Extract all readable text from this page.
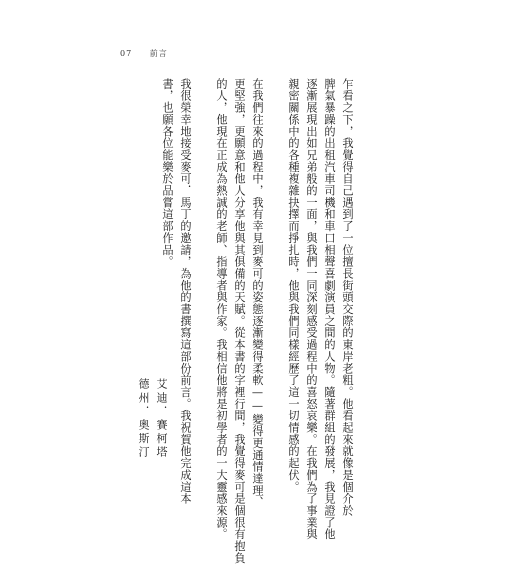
07 前言
乍看之下，我覺得自己遇到了一位擅長街頭交際的東岸老粗。他看起來就像是個介於
脾氣暴躁的出租汽車司機和車口相聲喜劇演員之間的人物。隨著群組的發展，我見證了他
逐漸展現出如兄弟般的一面，與我們一同深刻感受過程中的喜怒哀樂。在我們為了事業與
親密關係中的各種複雜抉擇而掙扎時，他與我們同樣經歷了這一切情感的起伏。
在我們往來的過程中，我有幸見到麥可的姿態逐漸變得柔軟——變得更通情達理、
更堅強，更願意和他人分享他與其俱備的天賦。從本書的字裡行間，我覺得麥可是個很有抱負
的人，他現在正成為熱誠的老師、指導者與作家。我相信他將是初學者的一大靈感來源。
我很榮幸地接受麥可．馬丁的邀請，為他的書撰寫這部份前言。我祝賀他完成這本
書，也願各位能樂於品嘗這部作品。
艾迪．賽柯塔
德州．奧斯汀
